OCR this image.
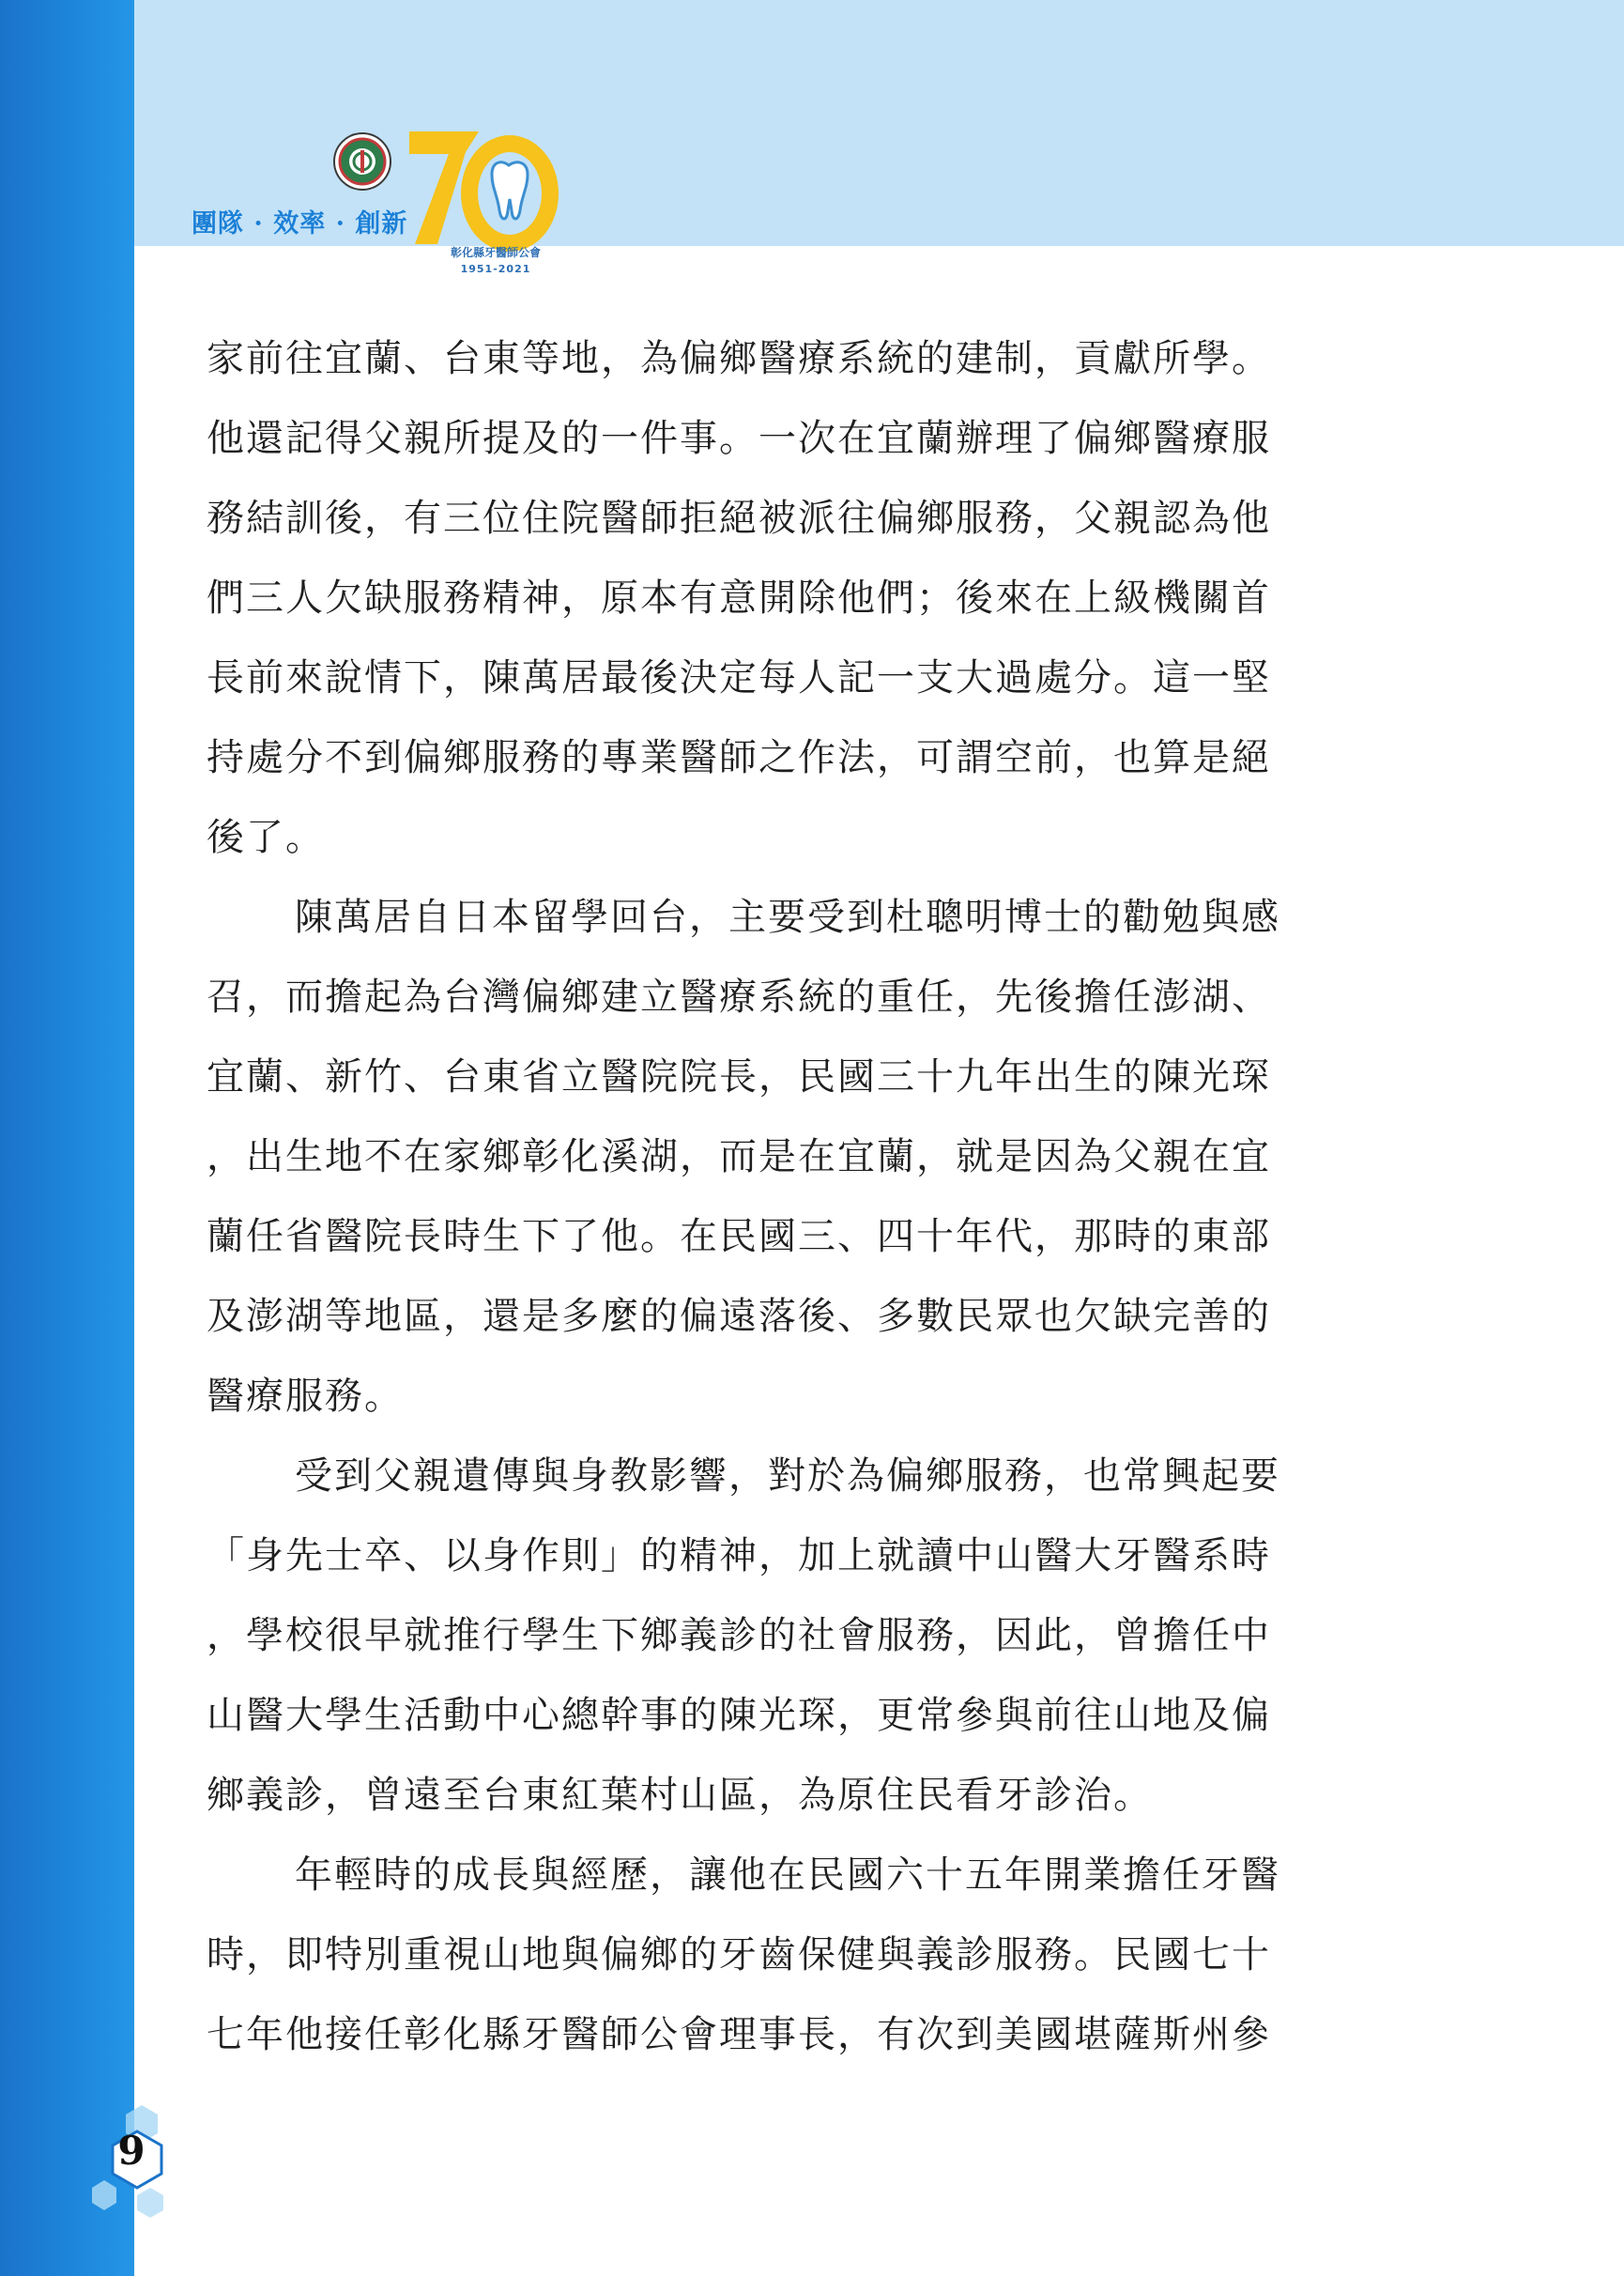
團隊 · 效率 · 創新
彰化縣牙醫師公會
1951-2021
家前往宜蘭、台東等地，為偏鄉醫療系統的建制，貢獻所學。
他還記得父親所提及的一件事。一次在宜蘭辦理了偏鄉醫療服
務結訓後，有三位住院醫師拒絕被派往偏鄉服務，父親認為他
們三人欠缺服務精神，原本有意開除他們；後來在上級機關首
長前來說情下，陳萬居最後決定每人記一支大過處分。這一堅
持處分不到偏鄉服務的專業醫師之作法，可謂空前，也算是絕
後了。
陳萬居自日本留學回台，主要受到杜聰明博士的勸勉與感
召，而擔起為台灣偏鄉建立醫療系統的重任，先後擔任澎湖、
宜蘭、新竹、台東省立醫院院長，民國三十九年出生的陳光琛
，出生地不在家鄉彰化溪湖，而是在宜蘭，就是因為父親在宜
蘭任省醫院長時生下了他。在民國三、四十年代，那時的東部
及澎湖等地區，還是多麼的偏遠落後、多數民眾也欠缺完善的
醫療服務。
受到父親遺傳與身教影響，對於為偏鄉服務，也常興起要
「身先士卒、以身作則」的精神，加上就讀中山醫大牙醫系時
，學校很早就推行學生下鄉義診的社會服務，因此，曾擔任中
山醫大學生活動中心總幹事的陳光琛，更常參與前往山地及偏
鄉義診，曾遠至台東紅葉村山區，為原住民看牙診治。
年輕時的成長與經歷，讓他在民國六十五年開業擔任牙醫
時，即特別重視山地與偏鄉的牙齒保健與義診服務。民國七十
七年他接任彰化縣牙醫師公會理事長，有次到美國堪薩斯州參
9
